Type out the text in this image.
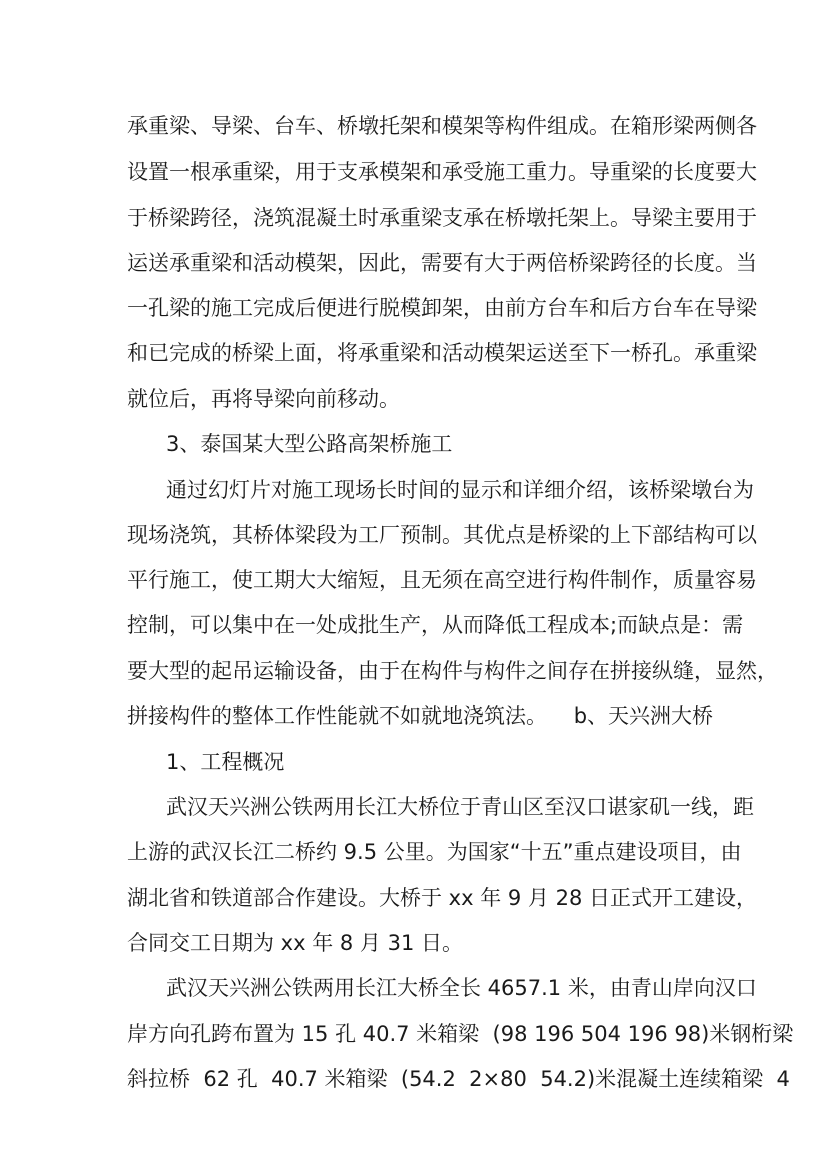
承重梁、导梁、台车、桥墩托架和模架等构件组成。在箱形梁两侧各

设置一根承重梁，用于支承模架和承受施工重力。导重梁的长度要大

于桥梁跨径，浇筑混凝土时承重梁支承在桥墩托架上。导梁主要用于

运送承重梁和活动模架，因此，需要有大于两倍桥梁跨径的长度。当

一孔梁的施工完成后便进行脱模卸架，由前方台车和后方台车在导梁

和已完成的桥梁上面，将承重梁和活动模架运送至下一桥孔。承重梁

就位后，再将导梁向前移动。

3、泰国某大型公路高架桥施工

通过幻灯片对施工现场长时间的显示和详细介绍，该桥梁墩台为

现场浇筑，其桥体梁段为工厂预制。其优点是桥梁的上下部结构可以

平行施工，使工期大大缩短，且无须在高空进行构件制作，质量容易

控制，可以集中在一处成批生产，从而降低工程成本;而缺点是：需

要大型的起吊运输设备，由于在构件与构件之间存在拼接纵缝，显然，

拼接构件的整体工作性能就不如就地浇筑法。    b、天兴洲大桥

1、工程概况

武汉天兴洲公铁两用长江大桥位于青山区至汉口谌家矶一线，距

上游的武汉长江二桥约 9.5 公里。为国家“十五”重点建设项目，由

湖北省和铁道部合作建设。大桥于 xx 年 9 月 28 日正式开工建设，

合同交工日期为 xx 年 8 月 31 日。

武汉天兴洲公铁两用长江大桥全长 4657.1 米，由青山岸向汉口

岸方向孔跨布置为 15 孔 40.7 米箱梁  (98 196 504 196 98)米钢桁梁

斜拉桥  62 孔  40.7 米箱梁  (54.2  2×80  54.2)米混凝土连续箱梁  4
